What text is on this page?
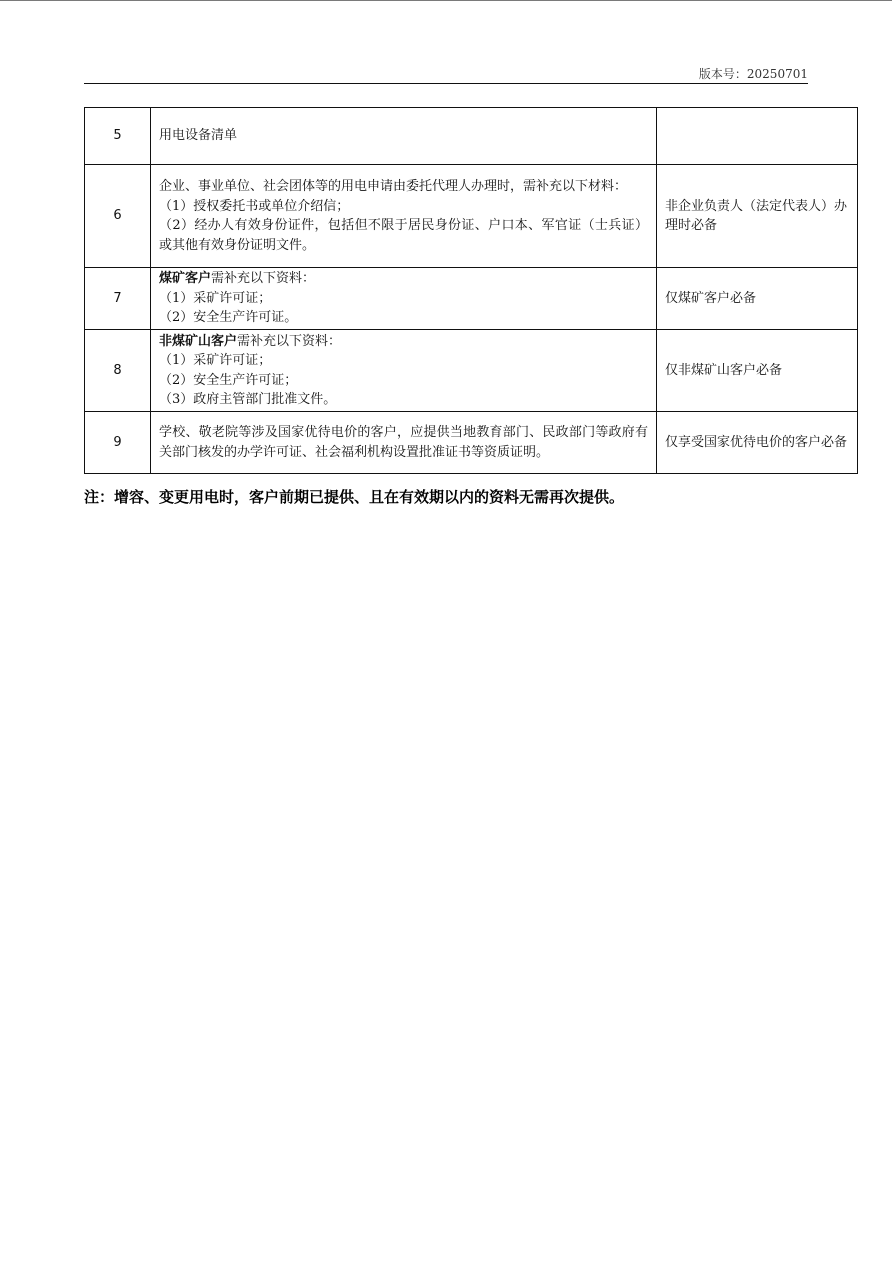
版本号：20250701
5	用电设备清单	

6	企业、事业单位、社会团体等的用电申请由委托代理人办理时，需补充以下材料：
（1）授权委托书或单位介绍信；
（2）经办人有效身份证件，包括但不限于居民身份证、户口本、军官证（士兵证）或其他有效身份证明文件。	非企业负责人（法定代表人）办理时必备
7	煤矿客户需补充以下资料：
（1）采矿许可证；
（2）安全生产许可证。	仅煤矿客户必备
8	非煤矿山客户需补充以下资料：
（1）采矿许可证；
（2）安全生产许可证；
（3）政府主管部门批准文件。	仅非煤矿山客户必备
9	学校、敬老院等涉及国家优待电价的客户，应提供当地教育部门、民政部门等政府有关部门核发的办学许可证、社会福利机构设置批准证书等资质证明。	仅享受国家优待电价的客户必备
注：增容、变更用电时，客户前期已提供、且在有效期以内的资料无需再次提供。
